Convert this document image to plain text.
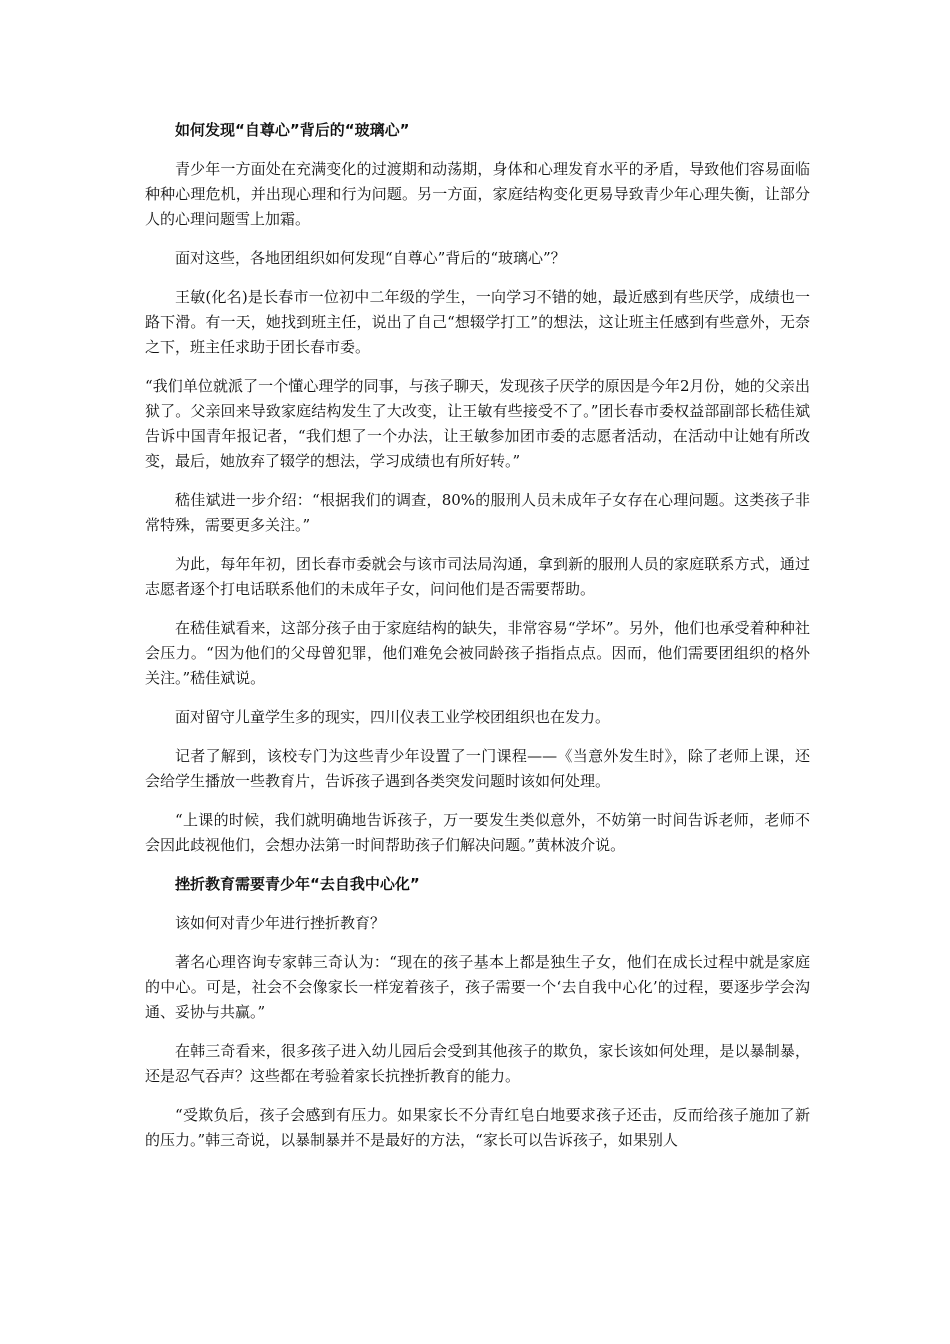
如何发现“自尊心”背后的“玻璃心”

青少年一方面处在充满变化的过渡期和动荡期，身体和心理发育水平的矛盾，导致他们容易面临种种心理危机，并出现心理和行为问题。另一方面，家庭结构变化更易导致青少年心理失衡，让部分人的心理问题雪上加霜。

面对这些，各地团组织如何发现“自尊心”背后的“玻璃心”？

王敏(化名)是长春市一位初中二年级的学生，一向学习不错的她，最近感到有些厌学，成绩也一路下滑。有一天，她找到班主任，说出了自己“想辍学打工”的想法，这让班主任感到有些意外，无奈之下，班主任求助于团长春市委。

“我们单位就派了一个懂心理学的同事，与孩子聊天，发现孩子厌学的原因是今年2月份，她的父亲出狱了。父亲回来导致家庭结构发生了大改变，让王敏有些接受不了。”团长春市委权益部副部长嵇佳斌告诉中国青年报记者，“我们想了一个办法，让王敏参加团市委的志愿者活动，在活动中让她有所改变，最后，她放弃了辍学的想法，学习成绩也有所好转。”

嵇佳斌进一步介绍：“根据我们的调查，80%的服刑人员未成年子女存在心理问题。这类孩子非常特殊，需要更多关注。”

为此，每年年初，团长春市委就会与该市司法局沟通，拿到新的服刑人员的家庭联系方式，通过志愿者逐个打电话联系他们的未成年子女，问问他们是否需要帮助。

在嵇佳斌看来，这部分孩子由于家庭结构的缺失，非常容易“学坏”。另外，他们也承受着种种社会压力。“因为他们的父母曾犯罪，他们难免会被同龄孩子指指点点。因而，他们需要团组织的格外关注。”嵇佳斌说。

面对留守儿童学生多的现实，四川仪表工业学校团组织也在发力。

记者了解到，该校专门为这些青少年设置了一门课程——《当意外发生时》，除了老师上课，还会给学生播放一些教育片，告诉孩子遇到各类突发问题时该如何处理。

“上课的时候，我们就明确地告诉孩子，万一要发生类似意外，不妨第一时间告诉老师，老师不会因此歧视他们，会想办法第一时间帮助孩子们解决问题。”黄林波介说。

挫折教育需要青少年“去自我中心化”

该如何对青少年进行挫折教育？

著名心理咨询专家韩三奇认为：“现在的孩子基本上都是独生子女，他们在成长过程中就是家庭的中心。可是，社会不会像家长一样宠着孩子，孩子需要一个‘去自我中心化’的过程，要逐步学会沟通、妥协与共赢。”

在韩三奇看来，很多孩子进入幼儿园后会受到其他孩子的欺负，家长该如何处理，是以暴制暴，还是忍气吞声？这些都在考验着家长抗挫折教育的能力。

“受欺负后，孩子会感到有压力。如果家长不分青红皂白地要求孩子还击，反而给孩子施加了新的压力。”韩三奇说，以暴制暴并不是最好的方法，“家长可以告诉孩子，如果别人
